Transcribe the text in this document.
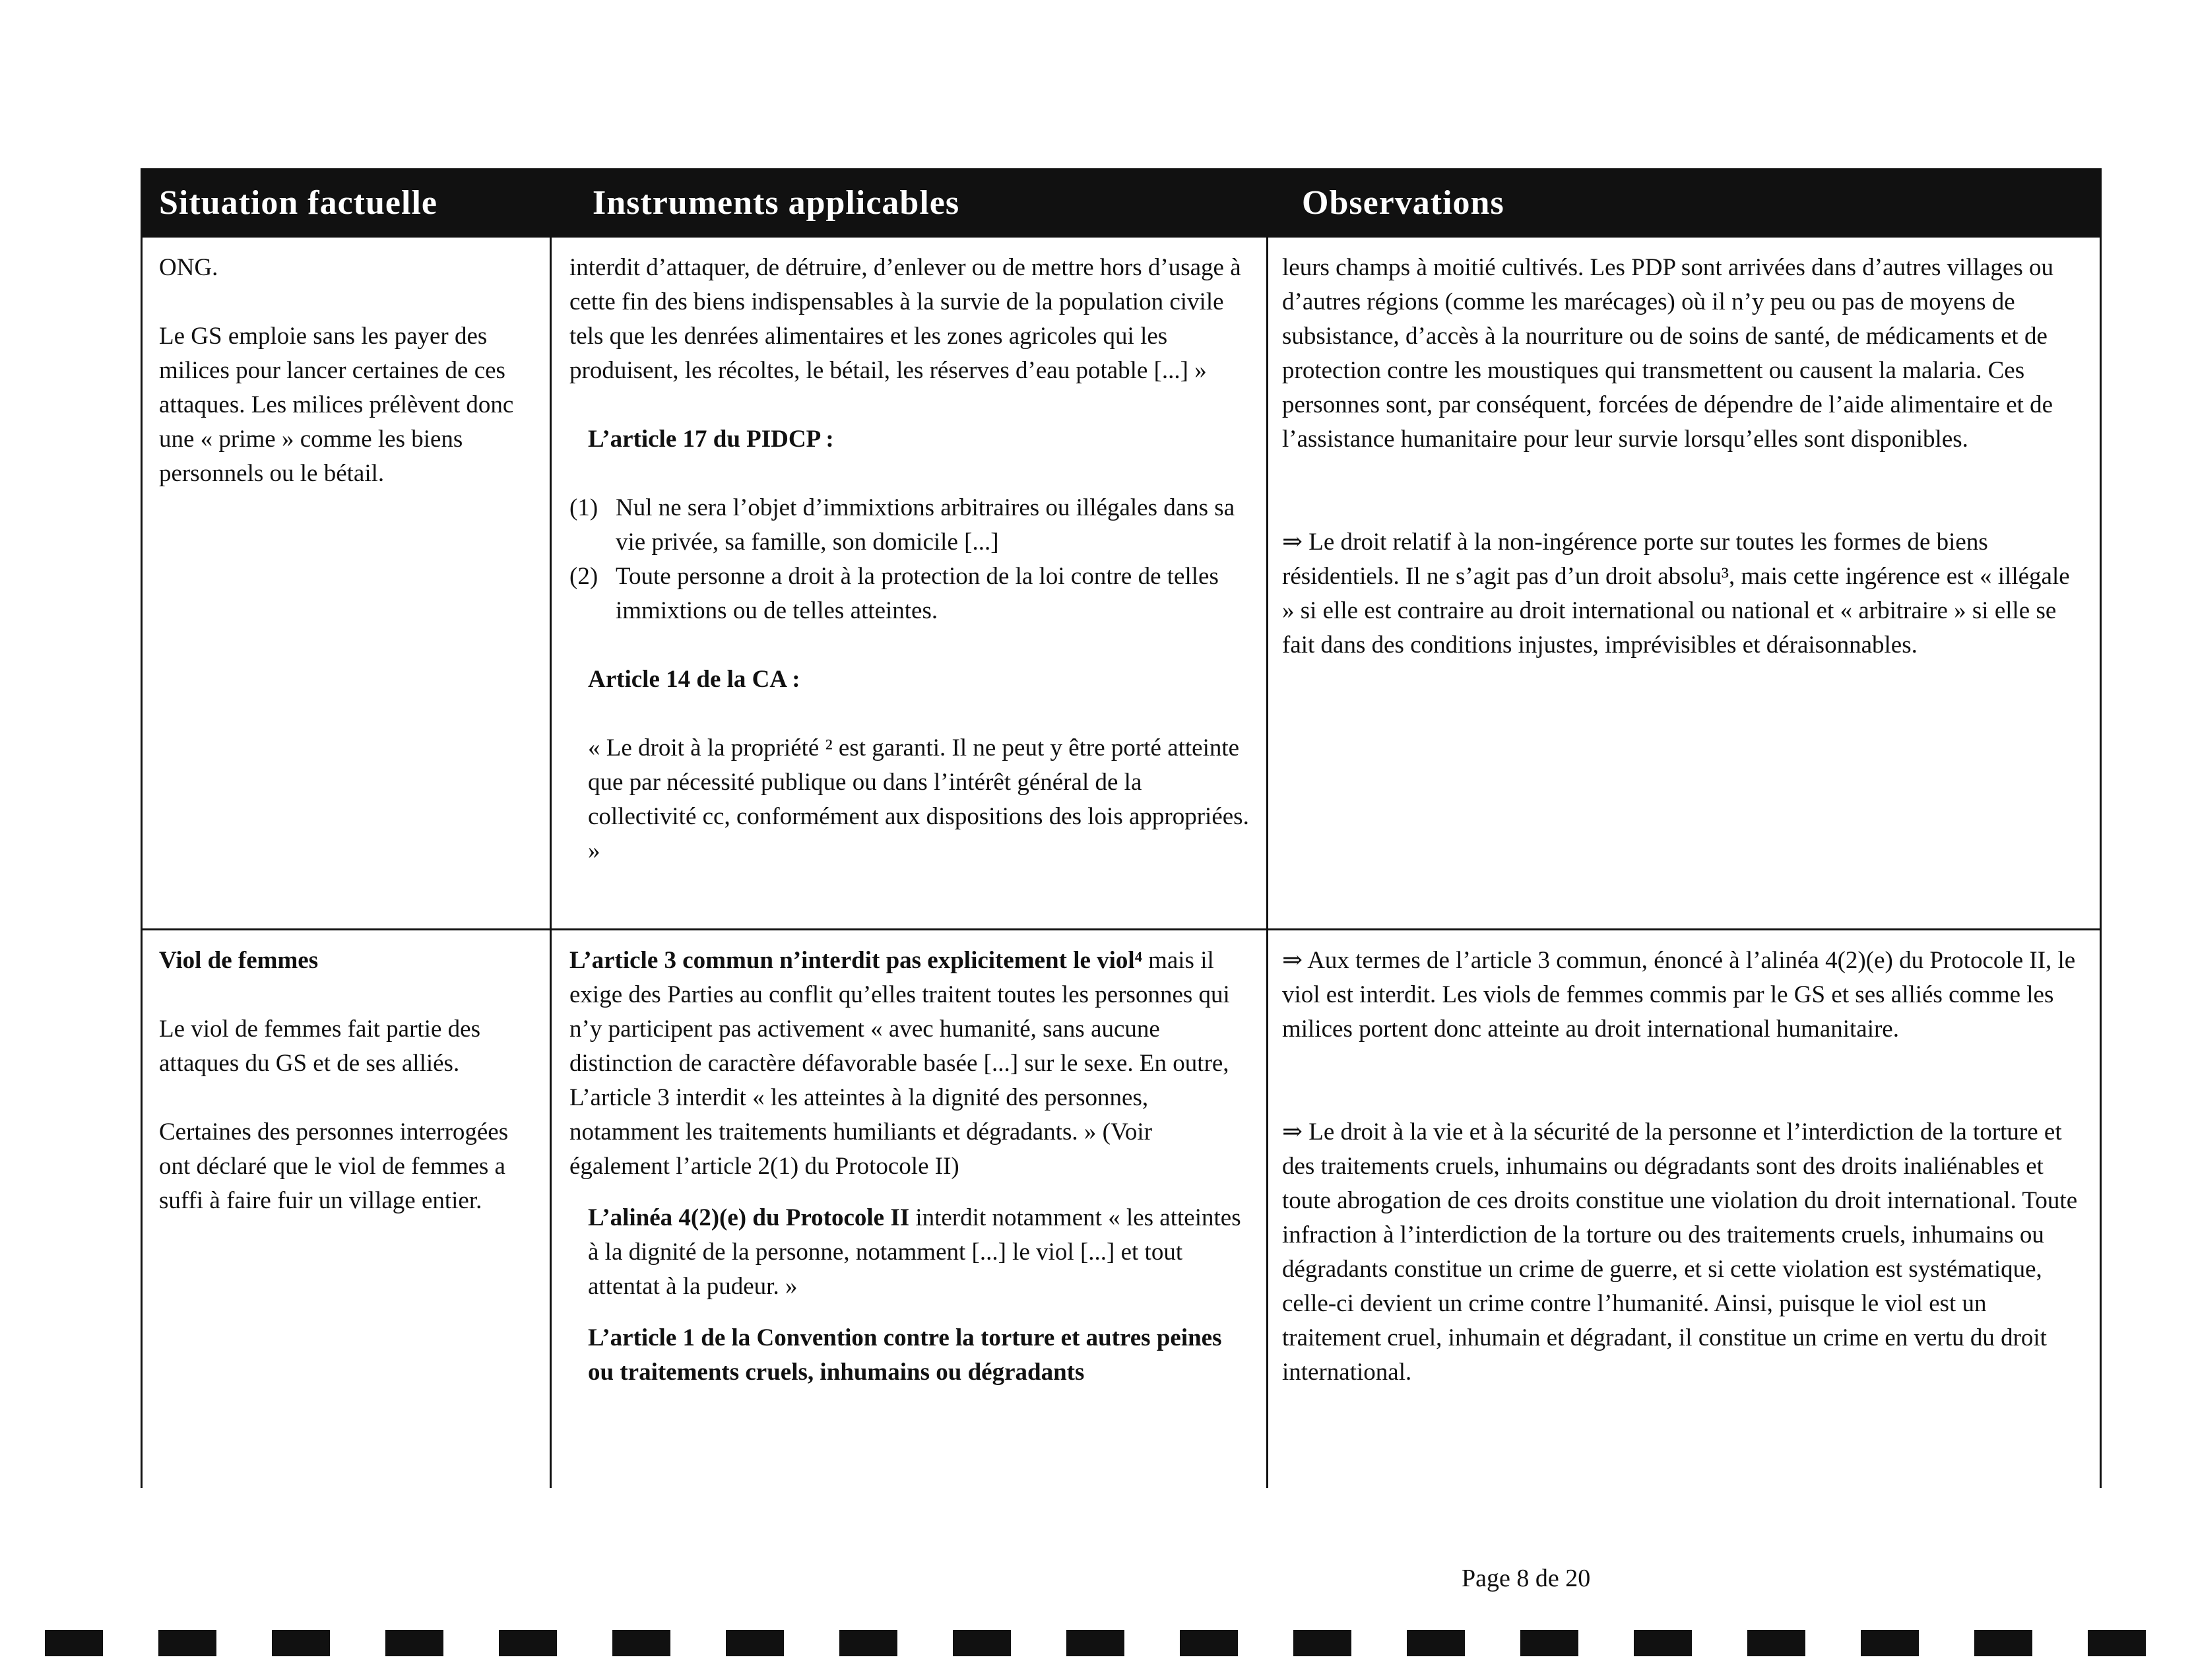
Situation factuelle	Instruments applicables	Observations

ONG.

Le GS emploie sans les payer des milices pour lancer certaines de ces attaques. Les milices prélèvent donc une « prime » comme les biens personnels ou le bétail.

interdit d’attaquer, de détruire, d’enlever ou de mettre hors d’usage à cette fin des biens indispensables à la survie de la population civile tels que les denrées alimentaires et les zones agricoles qui les produisent, les récoltes, le bétail, les réserves d’eau potable [...] »

L’article 17 du PIDCP :

(1) Nul ne sera l’objet d’immixtions arbitraires ou illégales dans sa vie privée, sa famille, son domicile [...]
(2) Toute personne a droit à la protection de la loi contre de telles immixtions ou de telles atteintes.

Article 14 de la CA :

« Le droit à la propriété ² est garanti. Il ne peut y être porté atteinte que par nécessité publique ou dans l’intérêt général de la collectivité cc, conformément aux dispositions des lois appropriées. »

leurs champs à moitié cultivés. Les PDP sont arrivées dans d’autres villages ou d’autres régions (comme les marécages) où il n’y peu ou pas de moyens de subsistance, d’accès à la nourriture ou de soins de santé, de médicaments et de protection contre les moustiques qui transmettent ou causent la malaria. Ces personnes sont, par conséquent, forcées de dépendre de l’aide alimentaire et de l’assistance humanitaire pour leur survie lorsqu’elles sont disponibles.

⇒ Le droit relatif à la non-ingérence porte sur toutes les formes de biens résidentiels. Il ne s’agit pas d’un droit absolu³, mais cette ingérence est « illégale » si elle est contraire au droit international ou national et « arbitraire » si elle se fait dans des conditions injustes, imprévisibles et déraisonnables.

Viol de femmes

Le viol de femmes fait partie des attaques du GS et de ses alliés.

Certaines des personnes interrogées ont déclaré que le viol de femmes a suffi à faire fuir un village entier.

L’article 3 commun n’interdit pas explicitement le viol⁴ mais il exige des Parties au conflit qu’elles traitent toutes les personnes qui n’y participent pas activement « avec humanité, sans aucune distinction de caractère défavorable basée [...] sur le sexe. En outre, L’article 3 interdit « les atteintes à la dignité des personnes, notamment les traitements humiliants et dégradants. » (Voir également l’article 2(1) du Protocole II)

L’alinéa 4(2)(e) du Protocole II interdit notamment « les atteintes à la dignité de la personne, notamment [...] le viol [...] et tout attentat à la pudeur. »

L’article 1 de la Convention contre la torture et autres peines ou traitements cruels, inhumains ou dégradants

⇒ Aux termes de l’article 3 commun, énoncé à l’alinéa 4(2)(e) du Protocole II, le viol est interdit. Les viols de femmes commis par le GS et ses alliés comme les milices portent donc atteinte au droit international humanitaire.

⇒ Le droit à la vie et à la sécurité de la personne et l’interdiction de la torture et des traitements cruels, inhumains ou dégradants sont des droits inaliénables et toute abrogation de ces droits constitue une violation du droit international. Toute infraction à l’interdiction de la torture ou des traitements cruels, inhumains ou dégradants constitue un crime de guerre, et si cette violation est systématique, celle-ci devient un crime contre l’humanité. Ainsi, puisque le viol est un traitement cruel, inhumain et dégradant, il constitue un crime en vertu du droit international.

Page 8 de 20
